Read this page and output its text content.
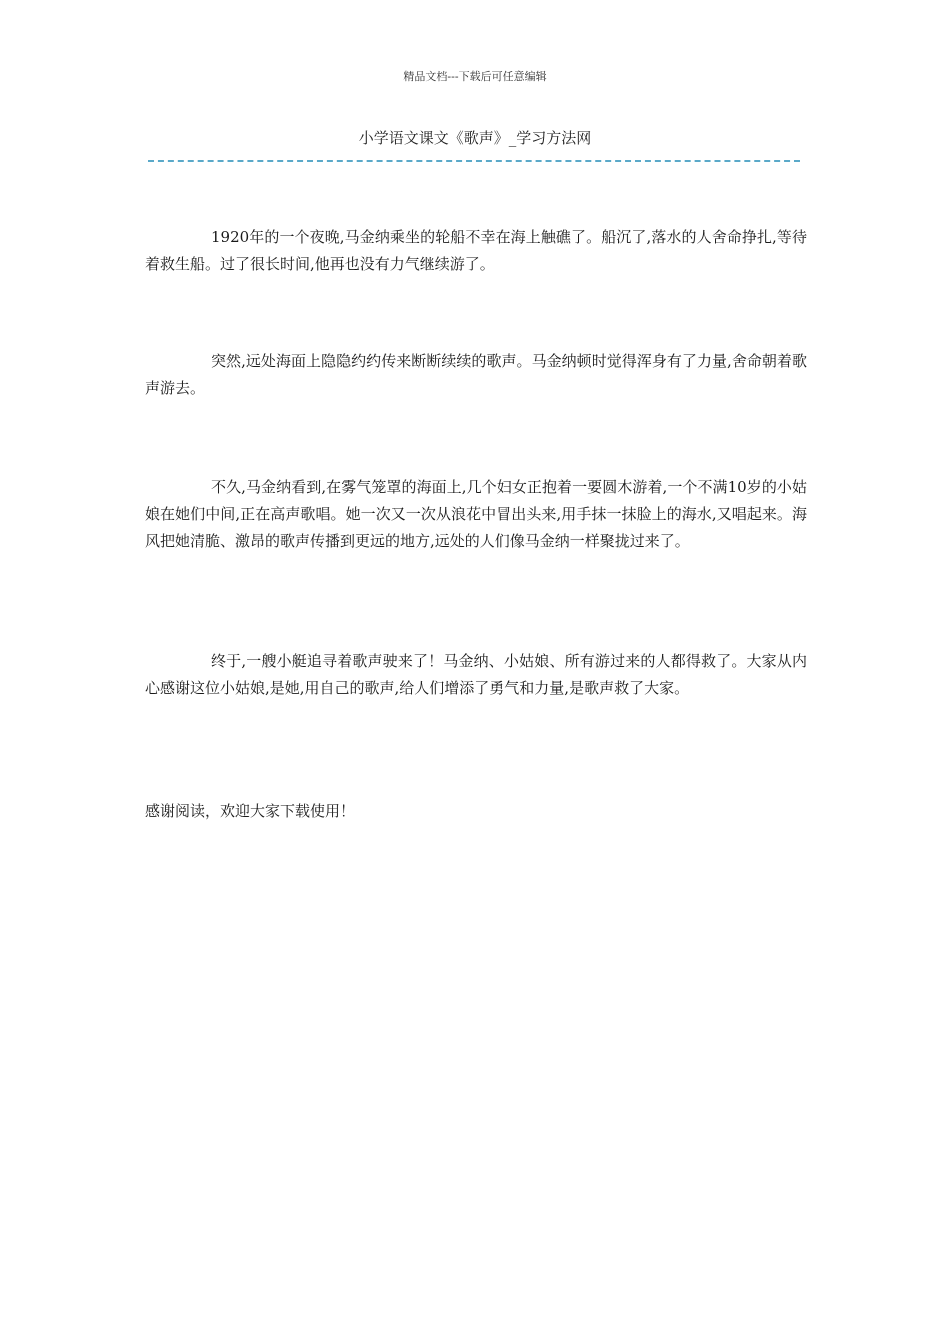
精品文档---下载后可任意编辑
小学语文课文《歌声》_学习方法网

1920年的一个夜晚,马金纳乘坐的轮船不幸在海上触礁了。船沉了,落水的人舍命挣扎,等待着救生船。过了很长时间,他再也没有力气继续游了。

突然,远处海面上隐隐约约传来断断续续的歌声。马金纳顿时觉得浑身有了力量,舍命朝着歌声游去。

不久,马金纳看到,在雾气笼罩的海面上,几个妇女正抱着一要圆木游着,一个不满10岁的小姑娘在她们中间,正在高声歌唱。她一次又一次从浪花中冒出头来,用手抹一抹脸上的海水,又唱起来。海风把她清脆、激昂的歌声传播到更远的地方,远处的人们像马金纳一样聚拢过来了。

终于,一艘小艇追寻着歌声驶来了！马金纳、小姑娘、所有游过来的人都得救了。大家从内心感谢这位小姑娘,是她,用自己的歌声,给人们增添了勇气和力量,是歌声救了大家。

感谢阅读，欢迎大家下载使用！
